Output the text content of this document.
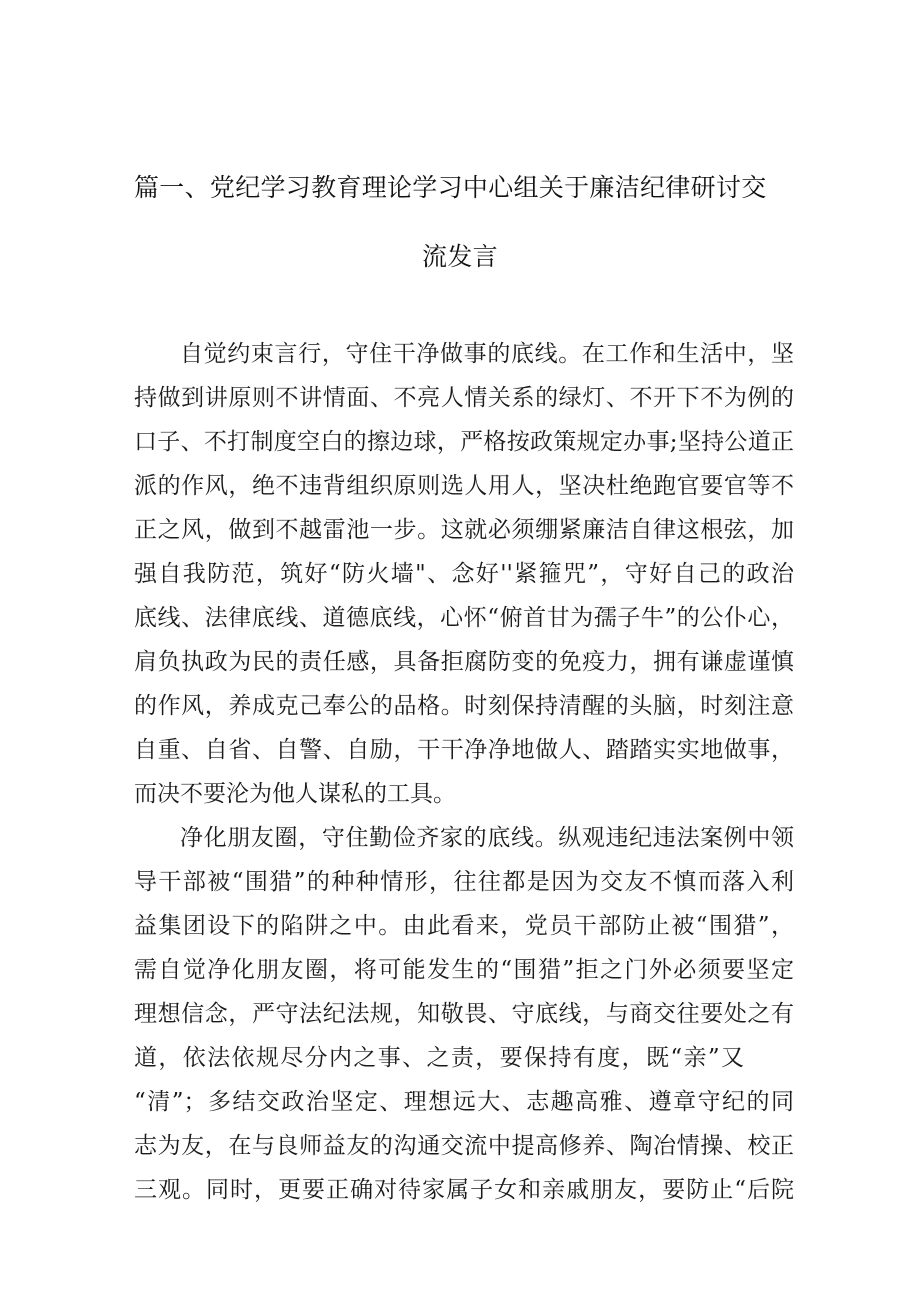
篇一、党纪学习教育理论学习中心组关于廉洁纪律研讨交
流发言
自觉约束言行，守住干净做事的底线。在工作和生活中，坚
持做到讲原则不讲情面、不亮人情关系的绿灯、不开下不为例的
口子、不打制度空白的擦边球，严格按政策规定办事;坚持公道正
派的作风，绝不违背组织原则选人用人，坚决杜绝跑官要官等不
正之风，做到不越雷池一步。这就必须绷紧廉洁自律这根弦，加
强自我防范，筑好“防火墙"、念好''紧箍咒”，守好自己的政治
底线、法律底线、道德底线，心怀“俯首甘为孺子牛”的公仆心，
肩负执政为民的责任感，具备拒腐防变的免疫力，拥有谦虚谨慎
的作风，养成克己奉公的品格。时刻保持清醒的头脑，时刻注意
自重、自省、自警、自励，干干净净地做人、踏踏实实地做事，
而决不要沦为他人谋私的工具。
净化朋友圈，守住勤俭齐家的底线。纵观违纪违法案例中领
导干部被“围猎”的种种情形，往往都是因为交友不慎而落入利
益集团设下的陷阱之中。由此看来，党员干部防止被“围猎”，
需自觉净化朋友圈，将可能发生的“围猎”拒之门外必须要坚定
理想信念，严守法纪法规，知敬畏、守底线，与商交往要处之有
道，依法依规尽分内之事、之责，要保持有度，既“亲”又
“清”；多结交政治坚定、理想远大、志趣高雅、遵章守纪的同
志为友，在与良师益友的沟通交流中提高修养、陶冶情操、校正
三观。同时，更要正确对待家属子女和亲戚朋友，要防止“后院
